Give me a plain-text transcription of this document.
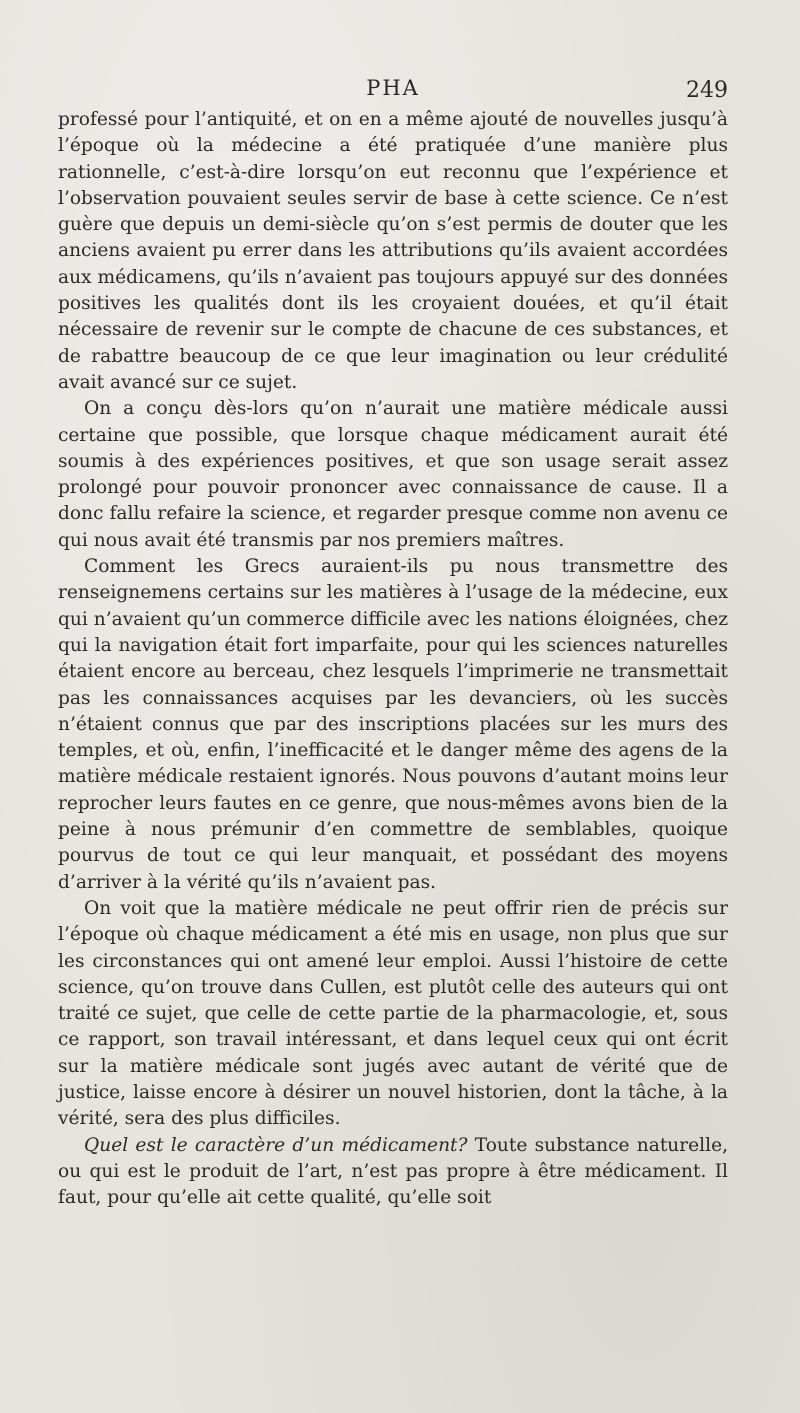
PHA	249

professé pour l’antiquité, et on en a même ajouté de nouvelles jusqu’à l’époque où la médecine a été pratiquée d’une manière plus rationnelle, c’est-à-dire lorsqu’on eut reconnu que l’expérience et l’observation pouvaient seules servir de base à cette science. Ce n’est guère que depuis un demi-siècle qu’on s’est permis de douter que les anciens avaient pu errer dans les attributions qu’ils avaient accordées aux médicamens, qu’ils n’avaient pas toujours appuyé sur des données positives les qualités dont ils les croyaient douées, et qu’il était nécessaire de revenir sur le compte de chacune de ces substances, et de rabattre beaucoup de ce que leur imagination ou leur crédulité avait avancé sur ce sujet.

On a conçu dès-lors qu’on n’aurait une matière médicale aussi certaine que possible, que lorsque chaque médicament aurait été soumis à des expériences positives, et que son usage serait assez prolongé pour pouvoir prononcer avec connaissance de cause. Il a donc fallu refaire la science, et regarder presque comme non avenu ce qui nous avait été transmis par nos premiers maîtres.

Comment les Grecs auraient-ils pu nous transmettre des renseignemens certains sur les matières à l’usage de la médecine, eux qui n’avaient qu’un commerce difficile avec les nations éloignées, chez qui la navigation était fort imparfaite, pour qui les sciences naturelles étaient encore au berceau, chez lesquels l’imprimerie ne transmettait pas les connaissances acquises par les devanciers, où les succès n’étaient connus que par des inscriptions placées sur les murs des temples, et où, enfin, l’inefficacité et le danger même des agens de la matière médicale restaient ignorés. Nous pouvons d’autant moins leur reprocher leurs fautes en ce genre, que nous-mêmes avons bien de la peine à nous prémunir d’en commettre de semblables, quoique pourvus de tout ce qui leur manquait, et possédant des moyens d’arriver à la vérité qu’ils n’avaient pas.

On voit que la matière médicale ne peut offrir rien de précis sur l’époque où chaque médicament a été mis en usage, non plus que sur les circonstances qui ont amené leur emploi. Aussi l’histoire de cette science, qu’on trouve dans Cullen, est plutôt celle des auteurs qui ont traité ce sujet, que celle de cette partie de la pharmacologie, et, sous ce rapport, son travail intéressant, et dans lequel ceux qui ont écrit sur la matière médicale sont jugés avec autant de vérité que de justice, laisse encore à désirer un nouvel historien, dont la tâche, à la vérité, sera des plus difficiles.

Quel est le caractère d’un médicament? Toute substance naturelle, ou qui est le produit de l’art, n’est pas propre à être médicament. Il faut, pour qu’elle ait cette qualité, qu’elle soit
